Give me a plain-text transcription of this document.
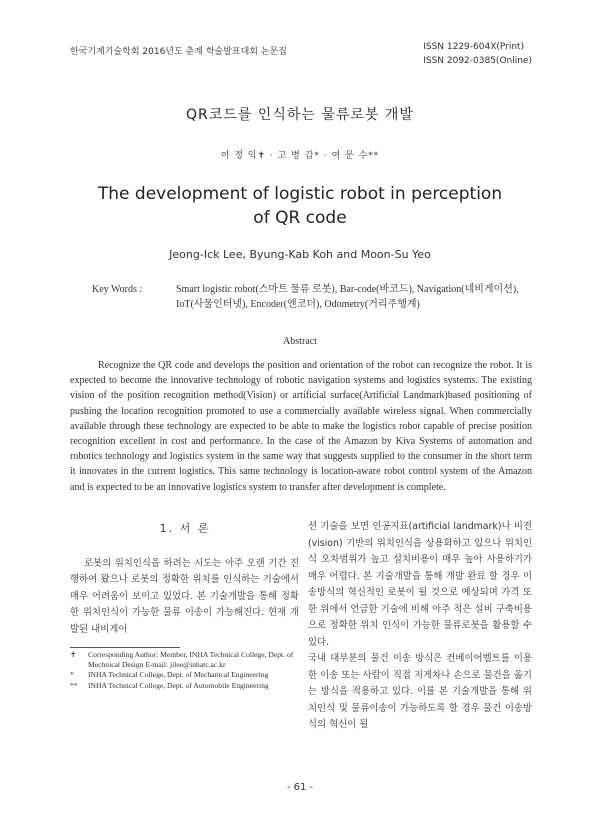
한국기계기술학회 2016년도 춘계 학술발표대회 논문집	ISSN 1229-604X(Print)
ISSN 2092-0385(Online)
QR코드를 인식하는 물류로봇 개발
이 정 익✝ · 고 병 갑* · 여 문 수**
The development of logistic robot in perception
of QR code
Jeong-Ick Lee, Byung-Kab Koh and Moon-Su Yeo
Key Words :	Smart logistic robot(스마트 물류 로봇), Bar-code(바코드), Navigation(네비게이션), IoT(사물인터넷), Encoder(엔코더), Odometry(거리주행계)
Abstract
Recognize the QR code and develops the position and orientation of the robot can recognize the robot. It is expected to become the innovative technology of robotic navigation systems and logistics systems. The existing vision of the position recognition method(Vision) or artificial surface(Artificial Landmark)based positioning of pushing the location recognition promoted to use a commercially available wireless signal. When commercially available through these technology are expected to be able to make the logistics robot capable of precise position recognition excellent in cost and performance. In the case of the Amazon by Kiva Systems of automation and robotics technology and logistics system in the same way that suggests supplied to the consumer in the short term it innovates in the current logistics. This same technology is location-aware robot control system of the Amazon and is expected to be an innovative logistics system to transfer after development is complete.
1. 서 론
로봇의 위치인식을 하려는 시도는 아주 오랜 기간 진행하여 왔으나 로봇의 정확한 위치를 인식하는 기술에서 매우 어려움이 보이고 있었다. 본 기술개발을 통해 정확한 위치인식이 가능한 물류 이송이 가능해진다. 현재 개발된 내비게이
✝ Corresponding Author: Member, INHA Technical College, Dept. of Mechnical Design E-mail: jilee@inhatc.ac.kr
* INHA Technical College, Dept. of Mechanical Engineering
** INHA Technical College, Dept. of Automobile Engineering
션 기술을 보면 인공지표(artificial landmark)나 비젼 (vision) 기반의 위치인식을 상용화하고 있으나 위치인식 오차범위가 높고 설치비용이 매우 높아 사용하기가 매우 어렵다. 본 기술개발을 통해 개발 완료 할 경우 이송방식의 혁신적인 로봇이 될 것으로 예상되며 가격 또한 위에서 언급한 기술에 비해 아주 적은 설비 구축비용으로 정확한 위치 인식이 가능한 물류로봇을 활용할 수 있다.
국내 대부분의 물건 이송 방식은 컨베이어벨트를 이용한 이송 또는 사람이 직접 지게차나 손으로 물건을 옮기는 방식을 적용하고 있다. 이를 본 기술개발을 통해 위치인식 및 물류이송이 가능하도록 할 경우 물건 이송방식의 혁신이 될
- 61 -
